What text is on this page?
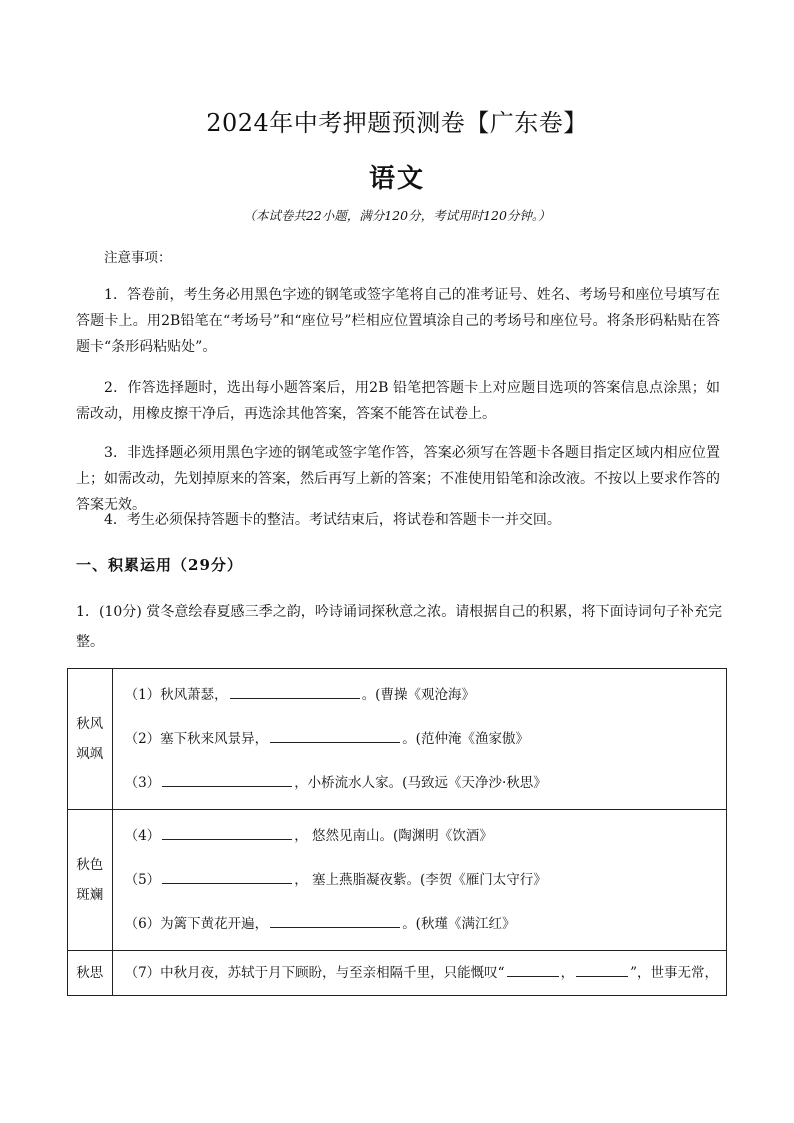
2024年中考押题预测卷【广东卷】
语文
（本试卷共22小题，满分120分，考试用时120分钟。）
注意事项：
1．答卷前，考生务必用黑色字迹的钢笔或签字笔将自己的准考证号、姓名、考场号和座位号填写在答题卡上。用2B铅笔在“考场号”和“座位号”栏相应位置填涂自己的考场号和座位号。将条形码粘贴在答题卡“条形码粘贴处”。
2．作答选择题时，选出每小题答案后，用2B 铅笔把答题卡上对应题目选项的答案信息点涂黑；如需改动，用橡皮擦干净后，再选涂其他答案，答案不能答在试卷上。
3．非选择题必须用黑色字迹的钢笔或签字笔作答，答案必须写在答题卡各题目指定区域内相应位置上；如需改动，先划掉原来的答案，然后再写上新的答案；不准使用铅笔和涂改液。不按以上要求作答的答案无效。
4．考生必须保持答题卡的整洁。考试结束后，将试卷和答题卡一并交回。
一、积累运用（29分）
1．(10分) 赏冬意绘春夏感三季之韵，吟诗诵词探秋意之浓。请根据自己的积累，将下面诗词句子补充完整。
秋风飒飒	（1）秋风萧瑟， 。(曹操《观沧海》
（2）塞下秋来风景异， 。(范仲淹《渔家傲》
（3） ，小桥流水人家。(马致远《天净沙·秋思》

秋色斑斓	（4） ， 悠然见南山。(陶渊明《饮酒》
（5） ， 塞上燕脂凝夜紫。(李贺《雁门太守行》
（6）为篱下黄花开遍， 。(秋瑾《满江红》

秋思	（7）中秋月夜，苏轼于月下顾盼，与至亲相隔千里，只能慨叹“ ， ”，世事无常，
